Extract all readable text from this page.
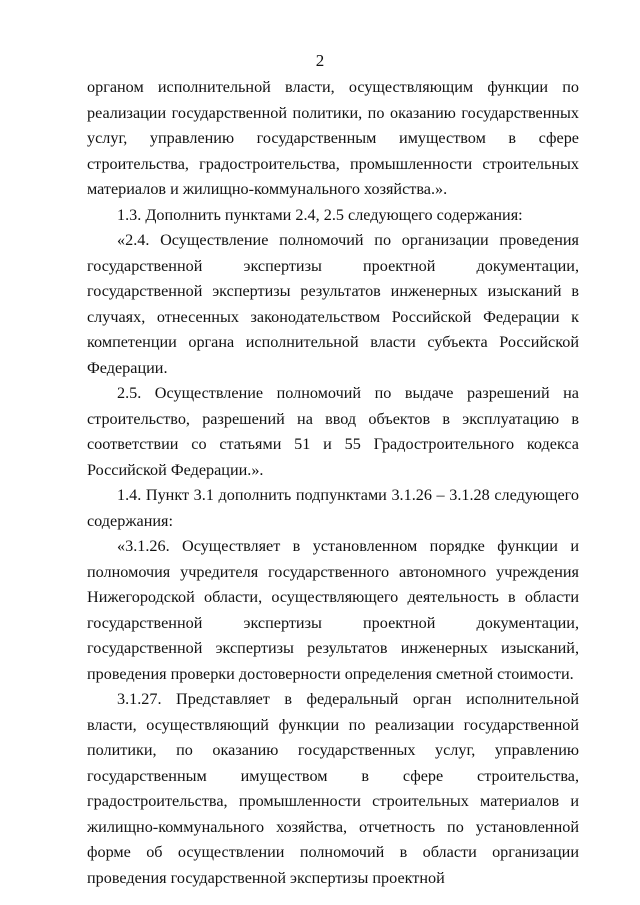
2

органом исполнительной власти, осуществляющим функции по реализации государственной политики, по оказанию государственных услуг, управлению государственным имуществом в сфере строительства, градостроительства, промышленности строительных материалов и жилищно-коммунального хозяйства.».

1.3. Дополнить пунктами 2.4, 2.5 следующего содержания:

«2.4. Осуществление полномочий по организации проведения государственной экспертизы проектной документации, государственной экспертизы результатов инженерных изысканий в случаях, отнесенных законодательством Российской Федерации к компетенции органа исполнительной власти субъекта Российской Федерации.

2.5. Осуществление полномочий по выдаче разрешений на строительство, разрешений на ввод объектов в эксплуатацию в соответствии со статьями 51 и 55 Градостроительного кодекса Российской Федерации.».

1.4. Пункт 3.1 дополнить подпунктами 3.1.26 – 3.1.28 следующего содержания:

«3.1.26. Осуществляет в установленном порядке функции и полномочия учредителя государственного автономного учреждения Нижегородской области, осуществляющего деятельность в области государственной экспертизы проектной документации, государственной экспертизы результатов инженерных изысканий, проведения проверки достоверности определения сметной стоимости.

3.1.27. Представляет в федеральный орган исполнительной власти, осуществляющий функции по реализации государственной политики, по оказанию государственных услуг, управлению государственным имуществом в сфере строительства, градостроительства, промышленности строительных материалов и жилищно-коммунального хозяйства, отчетность по установленной форме об осуществлении полномочий в области организации проведения государственной экспертизы проектной
